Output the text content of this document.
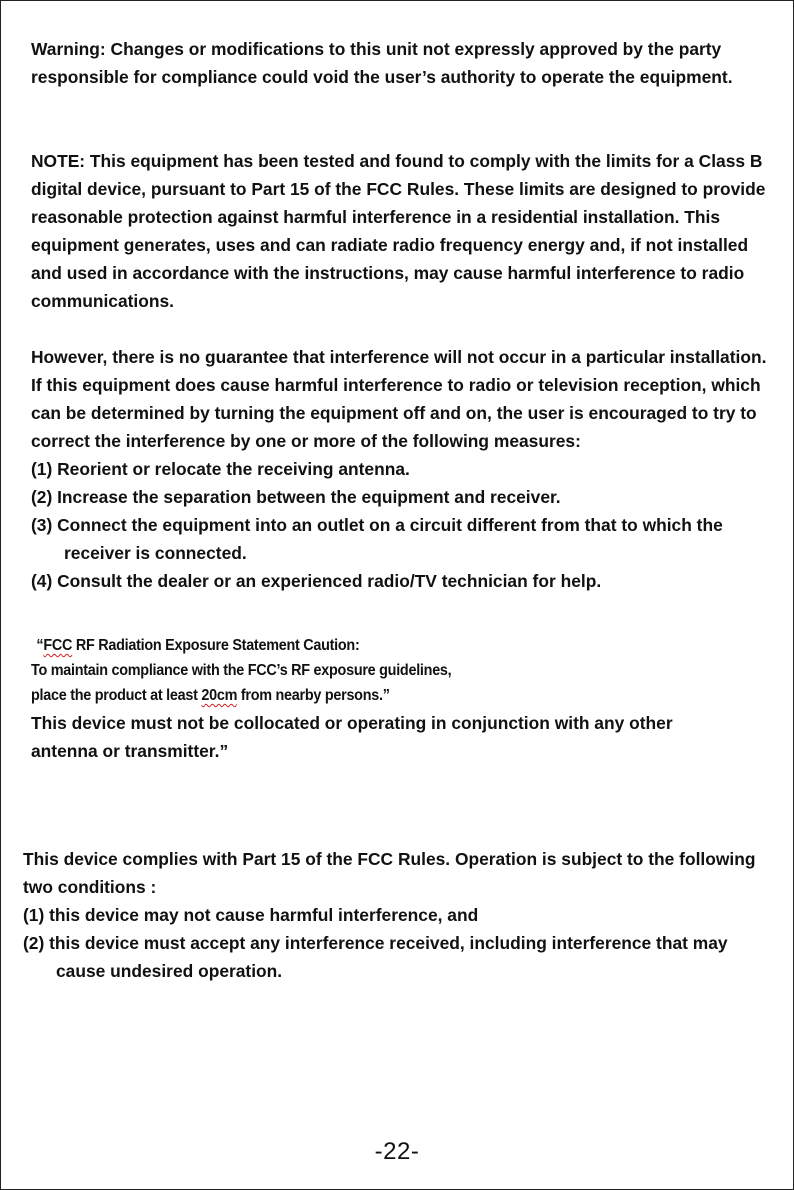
Warning: Changes or modifications to this unit not expressly approved by the party responsible for compliance could void the user’s authority to operate the equipment.

NOTE: This equipment has been tested and found to comply with the limits for a Class B digital device, pursuant to Part 15 of the FCC Rules. These limits are designed to provide reasonable protection against harmful interference in a residential installation. This equipment generates, uses and can radiate radio frequency energy and, if not installed and used in accordance with the instructions, may cause harmful interference to radio communications.

However, there is no guarantee that interference will not occur in a particular installation. If this equipment does cause harmful interference to radio or television reception, which can be determined by turning the equipment off and on, the user is encouraged to try to correct the interference by one or more of the following measures:

(1) Reorient or relocate the receiving antenna.

(2) Increase the separation between the equipment and receiver.

(3) Connect the equipment into an outlet on a circuit different from that to which the receiver is connected.

(4) Consult the dealer or an experienced radio/TV technician for help.

“FCC RF Radiation Exposure Statement Caution:

To maintain compliance with the FCC’s RF exposure guidelines,

place the product at least 20cm from nearby persons.”

This device must not be collocated or operating in conjunction with any other antenna or transmitter.”

This device complies with Part 15 of the FCC Rules. Operation is subject to the following two conditions :

(1) this device may not cause harmful interference, and

(2) this device must accept any interference received, including interference that may cause undesired operation.

-22-
